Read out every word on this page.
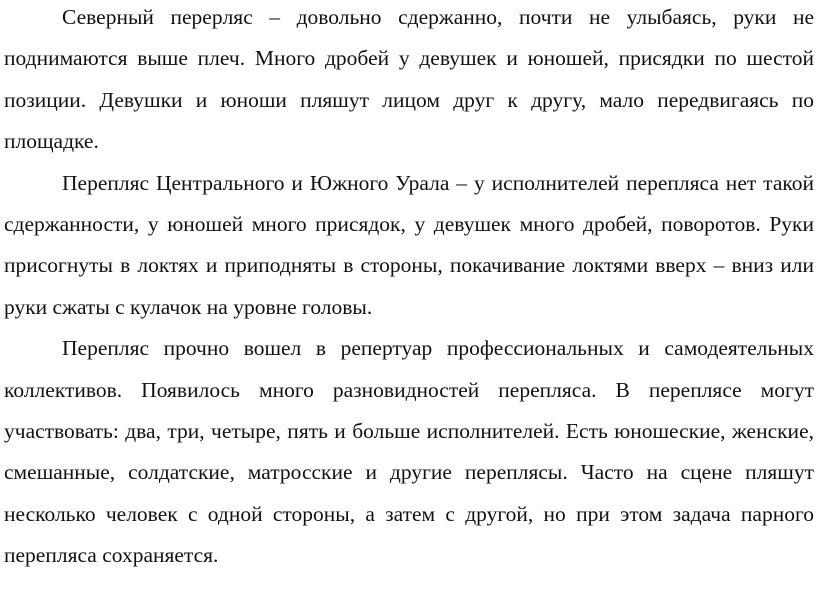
Северный переpляс – довольно сдержанно, почти не улыбаясь, руки не поднимаются выше плеч. Много дробей у девушек и юношей, присядки по шестой позиции. Девушки и юноши пляшут лицом друг к другу, мало передвигаясь по площадке.

Перепляс Центрального и Южного Урала – у исполнителей перепляса нет такой сдержанности, у юношей много присядок, у девушек много дробей, поворотов. Руки присогнуты в локтях и приподняты в стороны, покачивание локтями вверх – вниз или руки сжаты с кулачок на уровне головы.

Перепляс прочно вошел в репертуар профессиональных и самодеятельных коллективов. Появилось много разновидностей перепляса. В переплясе могут участвовать: два, три, четыре, пять и больше исполнителей. Есть юношеские, женские, смешанные, солдатские, матросские и другие переплясы. Часто на сцене пляшут несколько человек с одной стороны, а затем с другой, но при этом задача парного перепляса сохраняется.
